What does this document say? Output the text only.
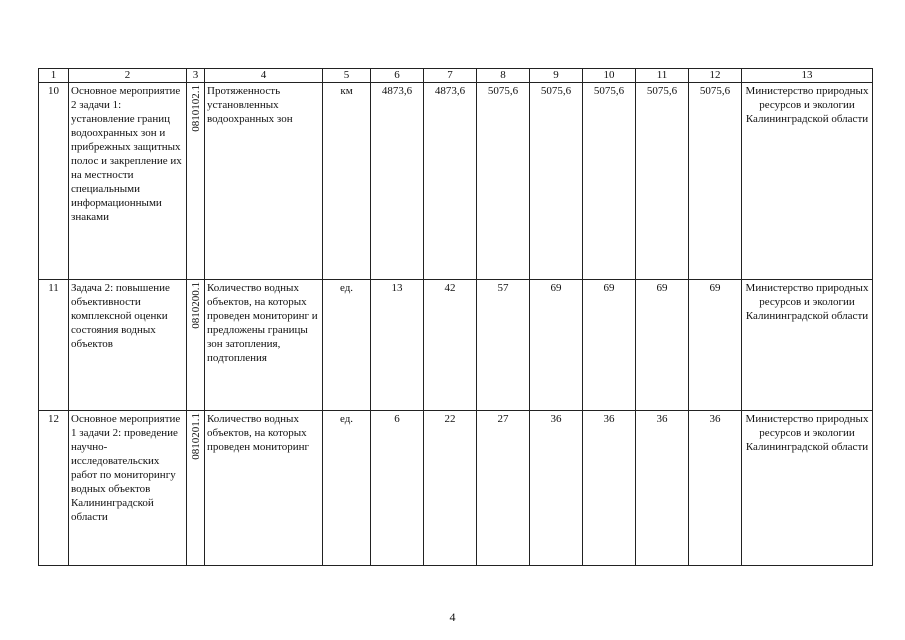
1	2	3	4	5	6	7	8	9	10	11	12	13
10	Основное мероприятие 2 задачи 1: установление границ водоохранных зон и прибрежных защитных полос и закрепление их на местности специальными информационными знаками	0810102.1	Протяженность установленных водоохранных зон	км	4873,6	4873,6	5075,6	5075,6	5075,6	5075,6	5075,6	Министерство природных ресурсов и экологии Калининградской области
11	Задача 2: повышение объективности комплексной оценки состояния водных объектов	0810200.1	Количество водных объектов, на которых проведен мониторинг и предложены границы зон затопления, подтопления	ед.	13	42	57	69	69	69	69	Министерство природных ресурсов и экологии Калининградской области
12	Основное мероприятие 1 задачи 2: проведение научно-исследовательских работ по мониторингу водных объектов Калининградской области	0810201.1	Количество водных объектов, на которых проведен мониторинг	ед.	6	22	27	36	36	36	36	Министерство природных ресурсов и экологии Калининградской области
4
